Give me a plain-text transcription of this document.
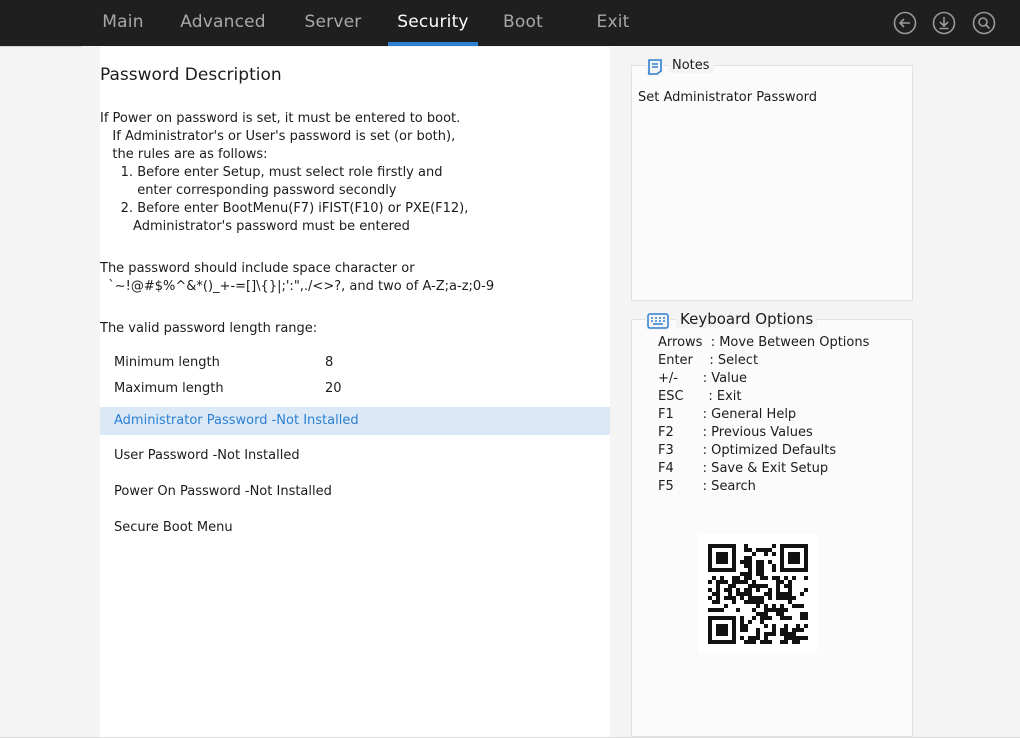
Main	Advanced	Server	Security	Boot	Exit
Password Description
If Power on password is set, it must be entered to boot.
If Administrator's or User's password is set (or both),
the rules are as follows:
1. Before enter Setup, must select role firstly and
enter corresponding password secondly
2. Before enter BootMenu(F7) iFIST(F10) or PXE(F12),
Administrator's password must be entered
The password should include space character or
`~!@#$%^&*()_+-=[]\{}|;':",./<>?, and two of A-Z;a-z;0-9
The valid password length range:
Minimum length	8
Maximum length	20
Administrator Password -Not Installed
User Password -Not Installed
Power On Password -Not Installed
Secure Boot Menu
Notes
Set Administrator Password
Keyboard Options
Arrows  : Move Between Options
Enter    : Select
+/-      : Value
ESC      : Exit
F1       : General Help
F2       : Previous Values
F3       : Optimized Defaults
F4       : Save & Exit Setup
F5       : Search
